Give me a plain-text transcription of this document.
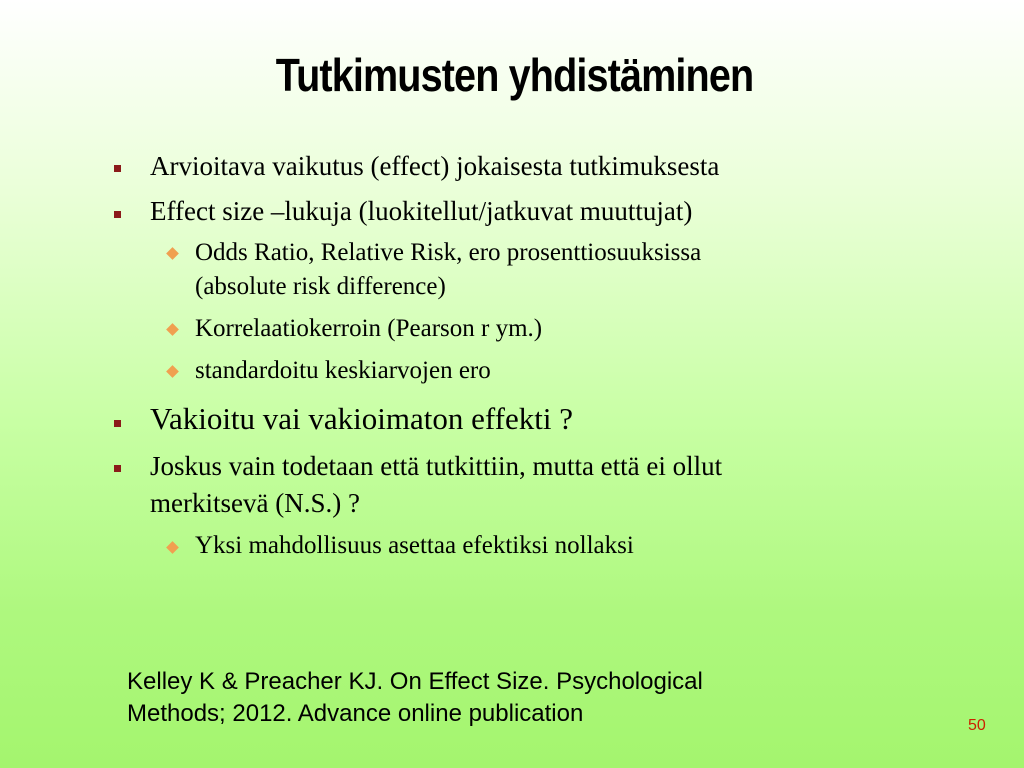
Tutkimusten yhdistäminen
Arvioitava vaikutus (effect) jokaisesta tutkimuksesta
Effect size –lukuja (luokitellut/jatkuvat muuttujat)
Odds Ratio, Relative Risk, ero prosenttiosuuksissa
(absolute risk difference)
Korrelaatiokerroin (Pearson r ym.)
standardoitu keskiarvojen ero
Vakioitu vai vakioimaton effekti ?
Joskus vain todetaan että tutkittiin, mutta että ei ollut
merkitsevä (N.S.) ?
Yksi mahdollisuus asettaa efektiksi nollaksi
Kelley K & Preacher KJ. On Effect Size. Psychological
Methods; 2012. Advance online publication	50
